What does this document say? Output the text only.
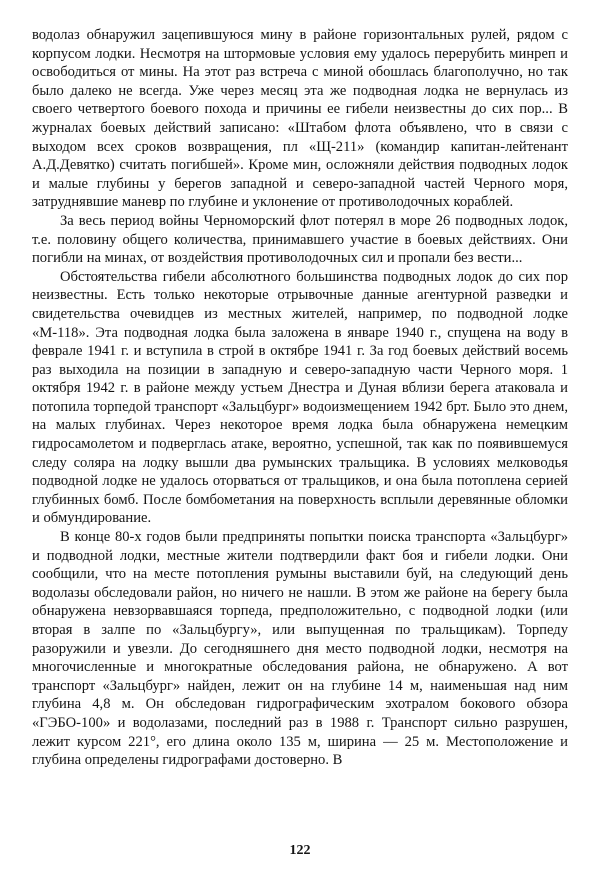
водолаз обнаружил зацепившуюся мину в районе горизонтальных рулей, рядом с корпусом лодки. Несмотря на штормовые условия ему удалось перерубить минреп и освободиться от мины. На этот раз встреча с миной обошлась благополучно, но так было далеко не всегда. Уже через месяц эта же подводная лодка не вернулась из своего четвертого боевого похода и причины ее гибели неизвестны до сих пор... В журналах боевых действий записано: «Штабом флота объявлено, что в связи с выходом всех сроков возвращения, пл «Щ-211» (командир капитан-лейтенант А.Д.Девятко) считать погибшей». Кроме мин, осложняли действия подводных лодок и малые глубины у берегов западной и северо-западной частей Черного моря, затруднявшие маневр по глубине и уклонение от противолодочных кораблей.

За весь период войны Черноморский флот потерял в море 26 подводных лодок, т.е. половину общего количества, принимавшего участие в боевых действиях. Они погибли на минах, от воздействия противолодочных сил и пропали без вести...

Обстоятельства гибели абсолютного большинства подводных лодок до сих пор неизвестны. Есть только некоторые отрывочные данные агентурной разведки и свидетельства очевидцев из местных жителей, например, по подводной лодке «М-118». Эта подводная лодка была заложена в январе 1940 г., спущена на воду в феврале 1941 г. и вступила в строй в октябре 1941 г. За год боевых действий восемь раз выходила на позиции в западную и северо-западную части Черного моря. 1 октября 1942 г. в районе между устьем Днестра и Дуная вблизи берега атаковала и потопила торпедой транспорт «Зальцбург» водоизмещением 1942 брт. Было это днем, на малых глубинах. Через некоторое время лодка была обнаружена немецким гидросамолетом и подверглась атаке, вероятно, успешной, так как по появившемуся следу соляра на лодку вышли два румынских тральщика. В условиях мелководья подводной лодке не удалось оторваться от тральщиков, и она была потоплена серией глубинных бомб. После бомбометания на поверхность всплыли деревянные обломки и обмундирование.

В конце 80-х годов были предприняты попытки поиска транспорта «Зальцбург» и подводной лодки, местные жители подтвердили факт боя и гибели лодки. Они сообщили, что на месте потопления румыны выставили буй, на следующий день водолазы обследовали район, но ничего не нашли. В этом же районе на берегу была обнаружена невзорвавшаяся торпеда, предположительно, с подводной лодки (или вторая в залпе по «Зальцбургу», или выпущенная по тральщикам). Торпеду разоружили и увезли. До сегодняшнего дня место подводной лодки, несмотря на многочисленные и многократные обследования района, не обнаружено. А вот транспорт «Зальцбург» найден, лежит он на глубине 14 м, наименьшая над ним глубина 4,8 м. Он обследован гидрографическим эхотралом бокового обзора «ГЭБО-100» и водолазами, последний раз в 1988 г. Транспорт сильно разрушен, лежит курсом 221°, его длина около 135 м, ширина — 25 м. Местоположение и глубина определены гидрографами достоверно. В

122
